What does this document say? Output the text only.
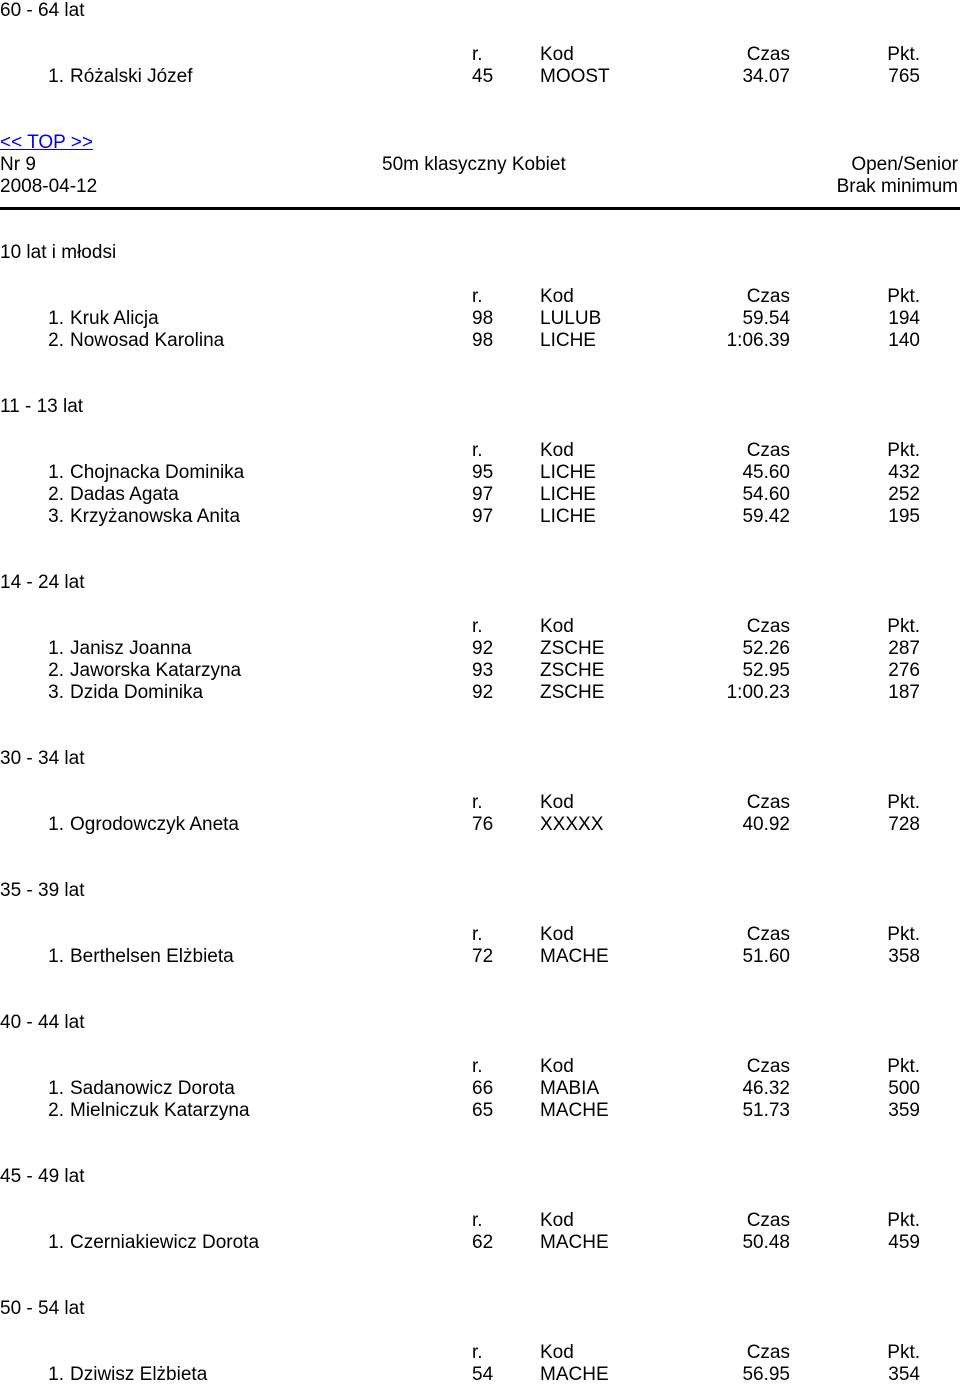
60 - 64 lat
r.	Kod	Czas	Pkt.
1. Różalski Józef	45 MOOST	34.07	765
<< TOP >>
Nr 9	50m klasyczny Kobiet	Open/Senior
2008-04-12	Brak minimum
10 lat i młodsi
r.	Kod	Czas	Pkt.
1. Kruk Alicja	98 LULUB	59.54	194
2. Nowosad Karolina	98 LICHE	1:06.39	140
11 - 13 lat
r.	Kod	Czas	Pkt.
1. Chojnacka Dominika	95 LICHE	45.60	432
2. Dadas Agata	97 LICHE	54.60	252
3. Krzyżanowska Anita	97 LICHE	59.42	195
14 - 24 lat
r.	Kod	Czas	Pkt.
1. Janisz Joanna	92 ZSCHE	52.26	287
2. Jaworska Katarzyna	93 ZSCHE	52.95	276
3. Dzida Dominika	92 ZSCHE	1:00.23	187
30 - 34 lat
r.	Kod	Czas	Pkt.
1. Ogrodowczyk Aneta	76 XXXXX	40.92	728
35 - 39 lat
r.	Kod	Czas	Pkt.
1. Berthelsen Elżbieta	72 MACHE	51.60	358
40 - 44 lat
r.	Kod	Czas	Pkt.
1. Sadanowicz Dorota	66 MABIA	46.32	500
2. Mielniczuk Katarzyna	65 MACHE	51.73	359
45 - 49 lat
r.	Kod	Czas	Pkt.
1. Czerniakiewicz Dorota	62 MACHE	50.48	459
50 - 54 lat
r.	Kod	Czas	Pkt.
1. Dziwisz Elżbieta	54 MACHE	56.95	354
